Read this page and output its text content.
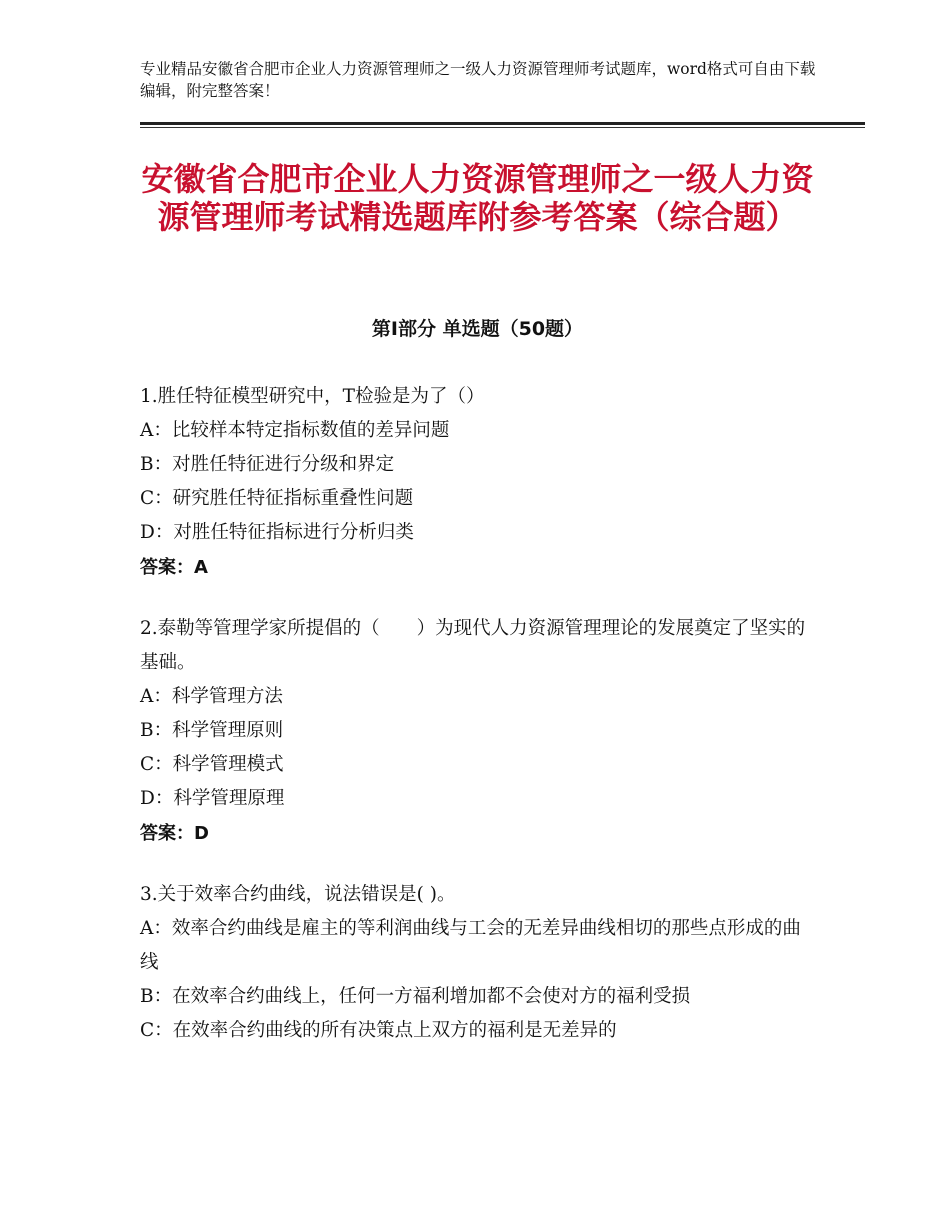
专业精品安徽省合肥市企业人力资源管理师之一级人力资源管理师考试题库，word格式可自由下载编辑，附完整答案！
安徽省合肥市企业人力资源管理师之一级人力资源管理师考试精选题库附参考答案（综合题）
第Ⅰ部分 单选题（50题）
1.胜任特征模型研究中，T检验是为了（）
A：比较样本特定指标数值的差异问题
B：对胜任特征进行分级和界定
C：研究胜任特征指标重叠性问题
D：对胜任特征指标进行分析归类
答案：A
2.泰勒等管理学家所提倡的（　　）为现代人力资源管理理论的发展奠定了坚实的基础。
A：科学管理方法
B：科学管理原则
C：科学管理模式
D：科学管理原理
答案：D
3.关于效率合约曲线，说法错误是( )。
A：效率合约曲线是雇主的等利润曲线与工会的无差异曲线相切的那些点形成的曲线
B：在效率合约曲线上，任何一方福利增加都不会使对方的福利受损
C：在效率合约曲线的所有决策点上双方的福利是无差异的
